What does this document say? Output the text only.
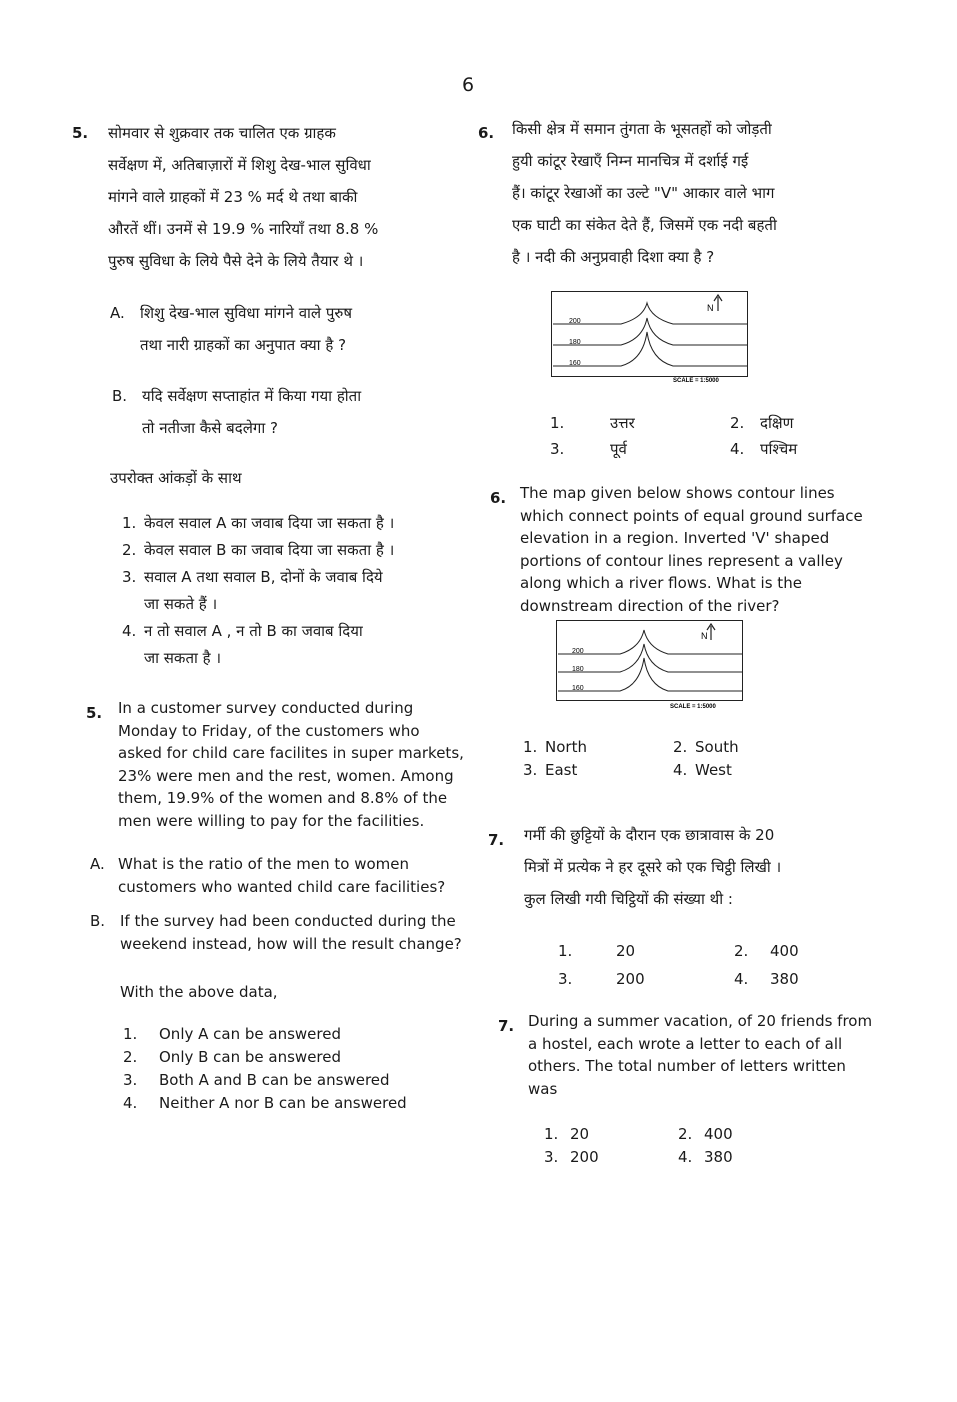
6
5. सोमवार से शुक्रवार तक चालित एक ग्राहक
सर्वेक्षण में, अतिबाज़ारों में शिशु देख-भाल सुविधा
मांगने वाले ग्राहकों में 23 % मर्द थे तथा बाकी
औरतें थीं। उनमें से 19.9 % नारियाँ तथा 8.8 %
पुरुष सुविधा के लिये पैसे देने के लिये तैयार थे ।
A. शिशु देख-भाल सुविधा मांगने वाले पुरुष
तथा नारी ग्राहकों का अनुपात क्या है ?
B. यदि सर्वेक्षण सप्ताहांत में किया गया होता
तो नतीजा कैसे बदलेगा ?
उपरोक्त आंकड़ों के साथ
1. केवल सवाल A का जवाब दिया जा सकता है ।
2. केवल सवाल B का जवाब दिया जा सकता है ।
3. सवाल A तथा सवाल B, दोनों के जवाब दिये
जा सकते हैं ।
4. न तो सवाल A , न तो B का जवाब दिया
जा सकता है ।
5. In a customer survey conducted during
Monday to Friday, of the customers who
asked for child care facilites in super markets,
23% were men and the rest, women. Among
them, 19.9% of the women and 8.8% of the
men were willing to pay for the facilities.
A. What is the ratio of the men to women
customers who wanted child care facilities?
B. If the survey had been conducted during the
weekend instead, how will the result change?
With the above data,
1.	Only A can be answered
2.	Only B can be answered
3.	Both A and B can be answered
4.	Neither A nor B can be answered
6. किसी क्षेत्र में समान तुंगता के भूसतहों को जोड़ती
हुयी कांटूर रेखाएँ निम्न मानचित्र में दर्शाई गई
हैं। कांटूर रेखाओं का उल्टे "V" आकार वाले भाग
एक घाटी का संकेत देते हैं, जिसमें एक नदी बहती
है । नदी की अनुप्रवाही दिशा क्या है ?
N
200
180
160
SCALE = 1:5000
1.	उत्तर	2.	दक्षिण
3.	पूर्व	4.	पश्चिम
6. The map given below shows contour lines
which connect points of equal ground surface
elevation in a region. Inverted 'V' shaped
portions of contour lines represent a valley
along which a river flows. What is the
downstream direction of the river?
N
200
180
160
SCALE = 1:5000
1. North	2. South
3. East	4. West
7. गर्मी की छुट्टियों के दौरान एक छात्रावास के 20
मित्रों में प्रत्येक ने हर दूसरे को एक चिट्ठी लिखी ।
कुल लिखी गयी चिट्ठियों की संख्या थी :
1.	20	2.	400
3.	200	4.	380
7. During a summer vacation, of 20 friends from
a hostel, each wrote a letter to each of all
others. The total number of letters written
was
1. 20	2. 400
3. 200	4. 380
